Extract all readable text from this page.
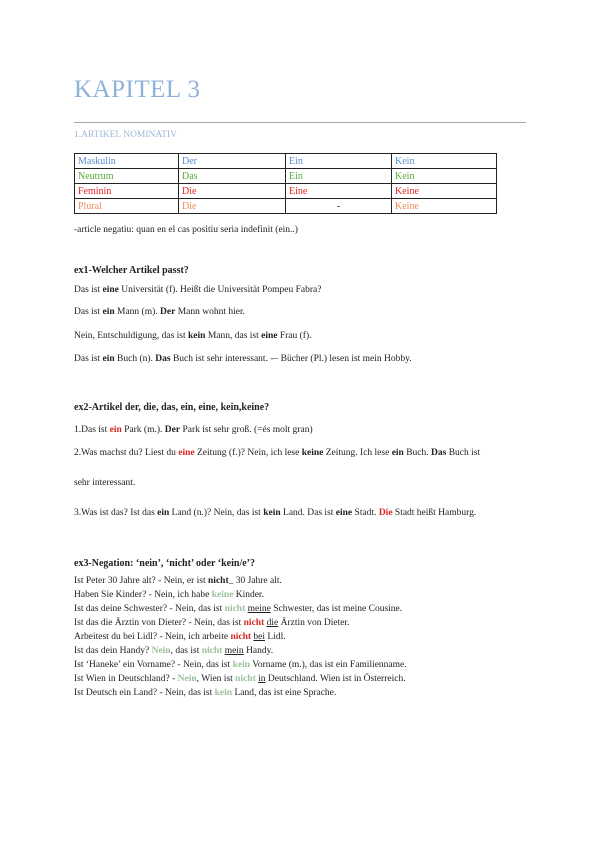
KAPITEL 3
1.ARTIKEL NOMINATIV
Maskulin	Der	Ein	Kein
Neutrum	Das	Ein	Kein
Feminin	Die	Eine	Keine
Plural	Die	-	Keine
-article negatiu: quan en el cas positiu seria indefinit (ein..)
ex1-Welcher Artikel passt?
Das ist eine Universität (f). Heißt die Universität Pompeu Fabra?
Das ist ein Mann (m). Der Mann wohnt hier.
Nein, Entschuldigung, das ist kein Mann, das ist eine Frau (f).
Das ist ein Buch (n). Das Buch ist sehr interessant. -– Bücher (Pl.) lesen ist mein Hobby.
ex2-Artikel der, die, das, ein, eine, kein,keine?
1.Das ist ein Park (m.). Der Park ist sehr groß. (=és molt gran)
2.Was machst du? Liest du eine Zeitung (f.)? Nein, ich lese keine Zeitung. Ich lese ein Buch. Das Buch ist
sehr interessant.
3.Was ist das? Ist das ein Land (n.)? Nein, das ist kein Land. Das ist eine Stadt. Die Stadt heißt Hamburg.
ex3-Negation: ‘nein’, ‘nicht’ oder ‘kein/e’?
Ist Peter 30 Jahre alt? - Nein, er ist nicht_ 30 Jahre alt.
Haben Sie Kinder? - Nein, ich habe keine Kinder.
Ist das deine Schwester? - Nein, das ist nicht meine Schwester, das ist meine Cousine.
Ist das die Ärztin von Dieter? - Nein, das ist nicht die Ärztin von Dieter.
Arbeitest du bei Lidl? - Nein, ich arbeite nicht bei Lidl.
Ist das dein Handy? Nein, das ist nicht mein Handy.
Ist ‘Haneke’ ein Vorname? - Nein, das ist kein Vorname (m.), das ist ein Familienname.
Ist Wien in Deutschland? - Nein, Wien ist nicht in Deutschland. Wien ist in Österreich.
Ist Deutsch ein Land? - Nein, das ist kein Land, das ist eine Sprache.
